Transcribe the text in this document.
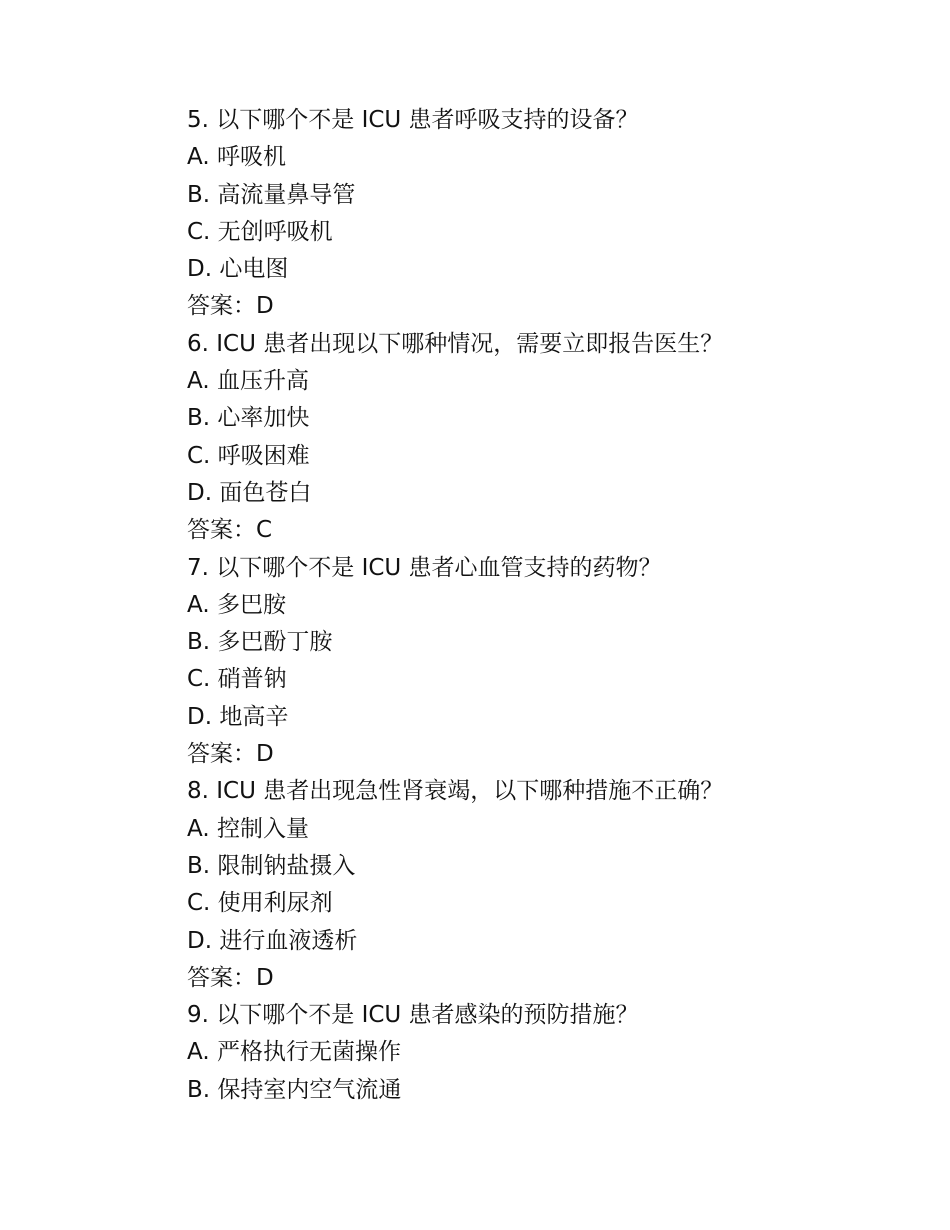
5. 以下哪个不是 ICU 患者呼吸支持的设备？
A. 呼吸机
B. 高流量鼻导管
C. 无创呼吸机
D. 心电图
答案：D
6. ICU 患者出现以下哪种情况，需要立即报告医生？
A. 血压升高
B. 心率加快
C. 呼吸困难
D. 面色苍白
答案：C
7. 以下哪个不是 ICU 患者心血管支持的药物？
A. 多巴胺
B. 多巴酚丁胺
C. 硝普钠
D. 地高辛
答案：D
8. ICU 患者出现急性肾衰竭，以下哪种措施不正确？
A. 控制入量
B. 限制钠盐摄入
C. 使用利尿剂
D. 进行血液透析
答案：D
9. 以下哪个不是 ICU 患者感染的预防措施？
A. 严格执行无菌操作
B. 保持室内空气流通
